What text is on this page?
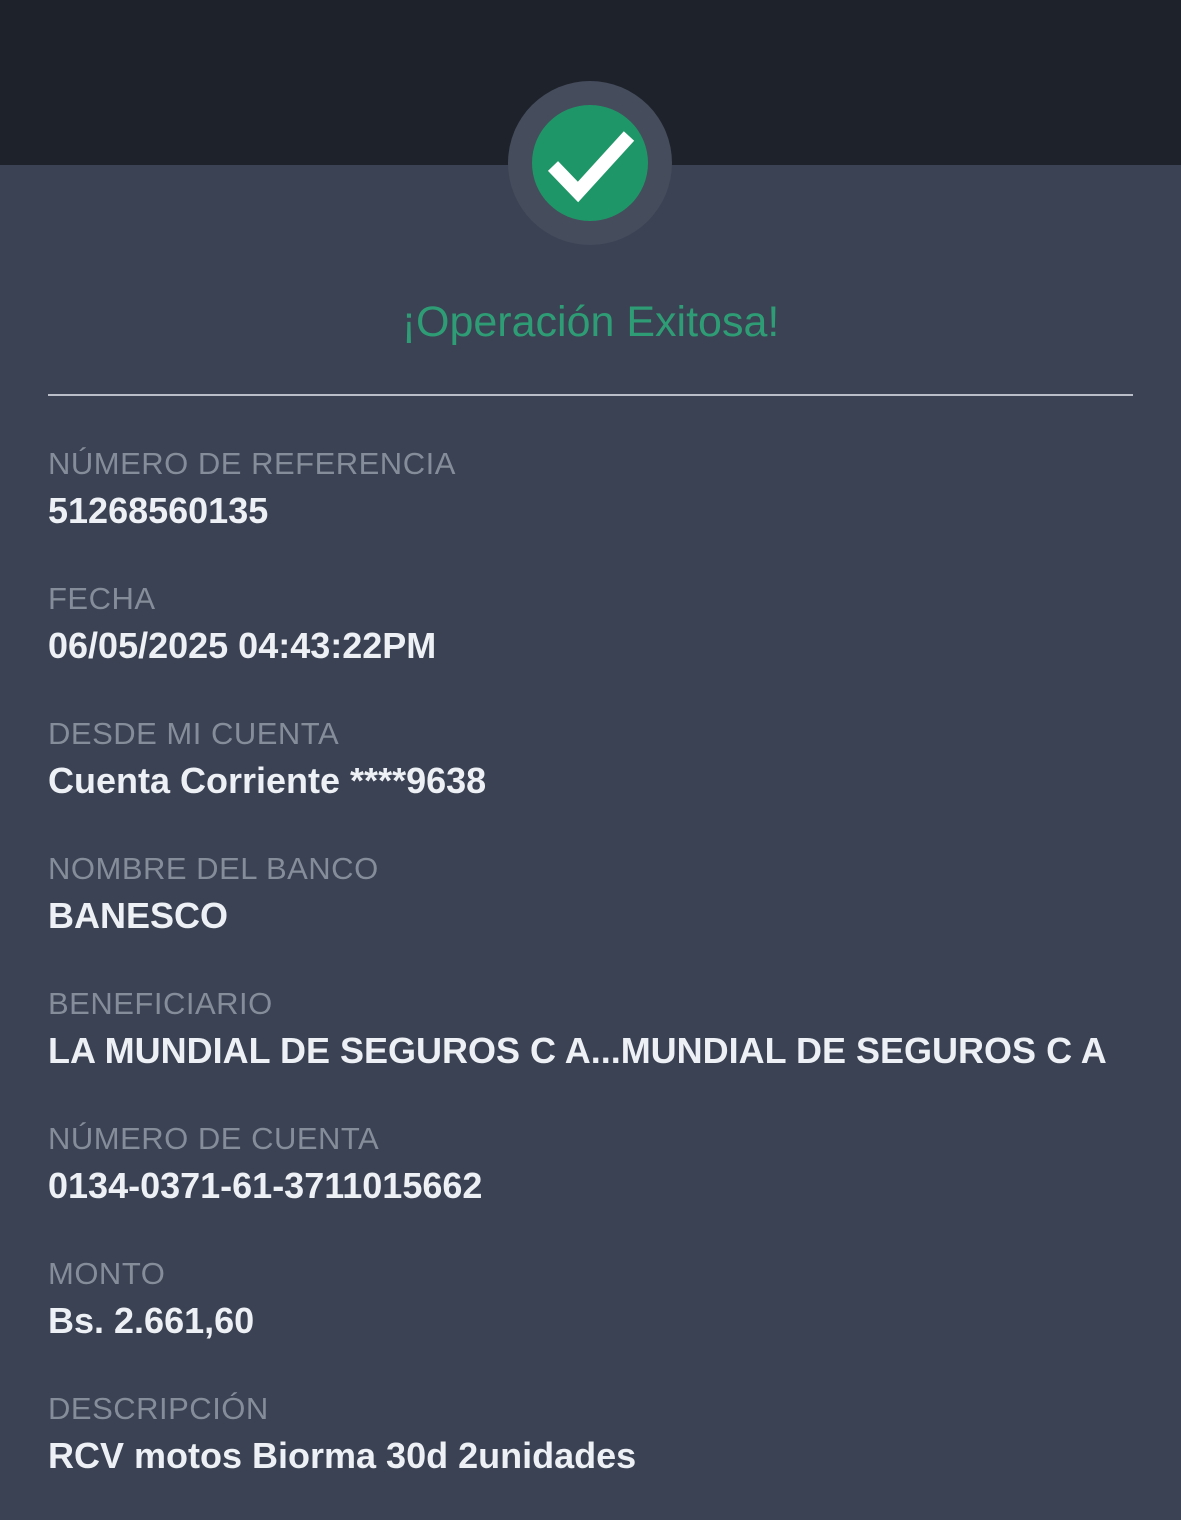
¡Operación Exitosa!
NÚMERO DE REFERENCIA
51268560135
FECHA
06/05/2025 04:43:22PM
DESDE MI CUENTA
Cuenta Corriente ****9638
NOMBRE DEL BANCO
BANESCO
BENEFICIARIO
LA MUNDIAL DE SEGUROS C A...MUNDIAL DE SEGUROS C A
NÚMERO DE CUENTA
0134-0371-61-3711015662
MONTO
Bs. 2.661,60
DESCRIPCIÓN
RCV motos Biorma 30d 2unidades
